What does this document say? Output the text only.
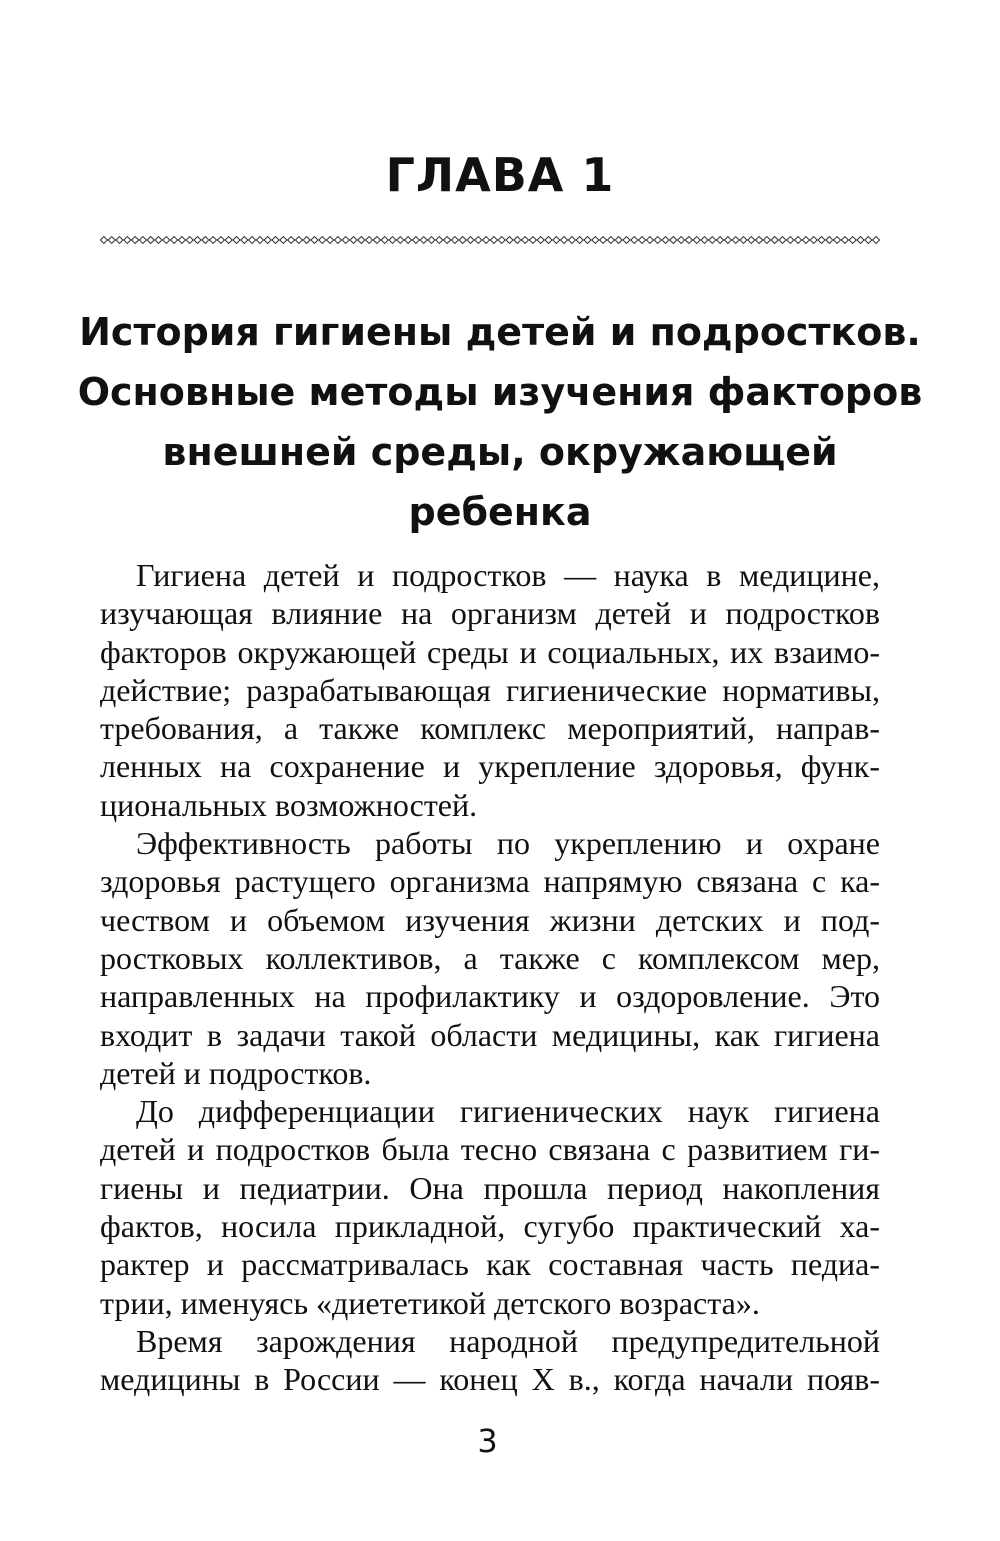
ГЛАВА 1
История гигиены детей и подростков.
Основные методы изучения факторов
внешней среды, окружающей
ребенка

Гигиена детей и подростков — наука в медицине,
изучающая влияние на организм детей и подростков
факторов окружающей среды и социальных, их взаимо-
действие; разрабатывающая гигиенические нормативы,
требования, а также комплекс мероприятий, направ-
ленных на сохранение и укрепление здоровья, функ-
циональных возможностей.

Эффективность работы по укреплению и охране
здоровья растущего организма напрямую связана с ка-
чеством и объемом изучения жизни детских и под-
ростковых коллективов, а также с комплексом мер,
направленных на профилактику и оздоровление. Это
входит в задачи такой области медицины, как гигиена
детей и подростков.

До дифференциации гигиенических наук гигиена
детей и подростков была тесно связана с развитием ги-
гиены и педиатрии. Она прошла период накопления
фактов, носила прикладной, сугубо практический ха-
рактер и рассматривалась как составная часть педиа-
трии, именуясь «диететикой детского возраста».

Время зарождения народной предупредительной
медицины в России — конец X в., когда начали появ-

3
